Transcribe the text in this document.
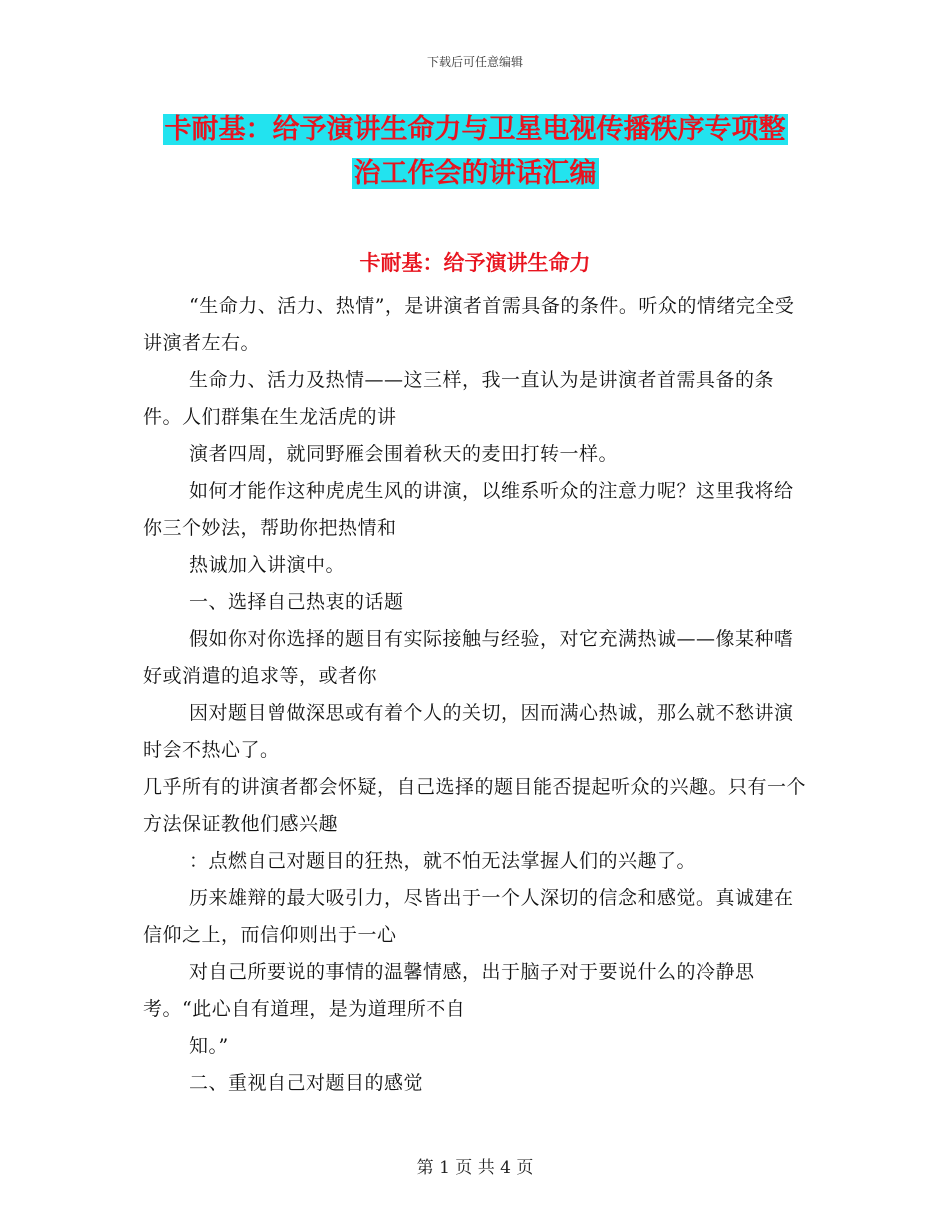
下载后可任意编辑
卡耐基：给予演讲生命力与卫星电视传播秩序专项整
治工作会的讲话汇编
卡耐基：给予演讲生命力

“生命力、活力、热情”，是讲演者首需具备的条件。听众的情绪完全受讲演者左右。

生命力、活力及热情——这三样，我一直认为是讲演者首需具备的条件。人们群集在生龙活虎的讲

演者四周，就同野雁会围着秋天的麦田打转一样。

如何才能作这种虎虎生风的讲演，以维系听众的注意力呢？这里我将给你三个妙法，帮助你把热情和

热诚加入讲演中。

一、选择自己热衷的话题

假如你对你选择的题目有实际接触与经验，对它充满热诚——像某种嗜好或消遣的追求等，或者你

因对题目曾做深思或有着个人的关切，因而满心热诚，那么就不愁讲演时会不热心了。

几乎所有的讲演者都会怀疑，自己选择的题目能否提起听众的兴趣。只有一个方法保证教他们感兴趣

：点燃自己对题目的狂热，就不怕无法掌握人们的兴趣了。

历来雄辩的最大吸引力，尽皆出于一个人深切的信念和感觉。真诚建在信仰之上，而信仰则出于一心

对自己所要说的事情的温馨情感，出于脑子对于要说什么的冷静思考。“此心自有道理，是为道理所不自

知。”

二、重视自己对题目的感觉

第 1 页 共 4 页
